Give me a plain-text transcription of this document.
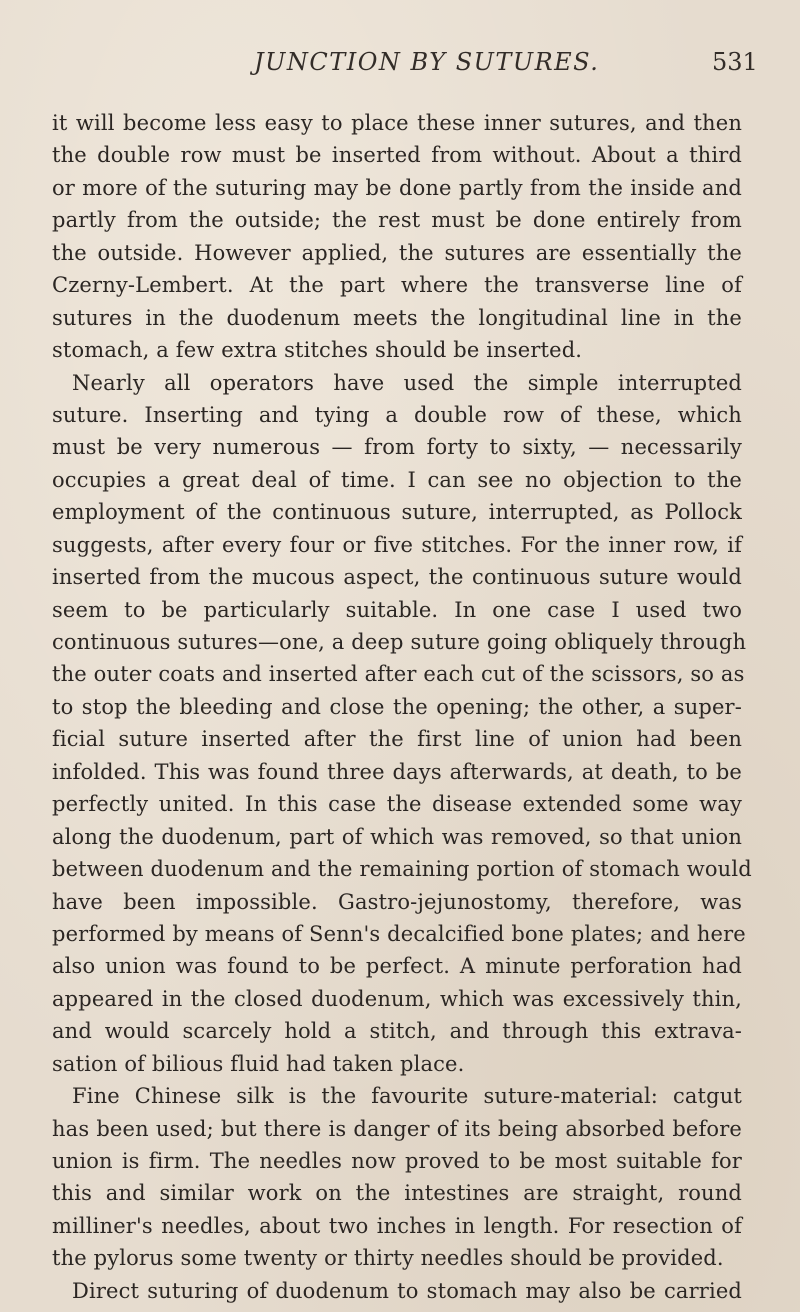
JUNCTION BY SUTURES.	531
it will become less easy to place these inner sutures, and then
the double row must be inserted from without. About a third
or more of the suturing may be done partly from the inside and
partly from the outside; the rest must be done entirely from
the outside. However applied, the sutures are essentially the
Czerny-Lembert. At the part where the transverse line of
sutures in the duodenum meets the longitudinal line in the
stomach, a few extra stitches should be inserted.
Nearly all operators have used the simple interrupted
suture. Inserting and tying a double row of these, which
must be very numerous — from forty to sixty, — necessarily
occupies a great deal of time. I can see no objection to the
employment of the continuous suture, interrupted, as Pollock
suggests, after every four or five stitches. For the inner row, if
inserted from the mucous aspect, the continuous suture would
seem to be particularly suitable. In one case I used two
continuous sutures—one, a deep suture going obliquely through
the outer coats and inserted after each cut of the scissors, so as
to stop the bleeding and close the opening; the other, a super-
ficial suture inserted after the first line of union had been
infolded. This was found three days afterwards, at death, to be
perfectly united. In this case the disease extended some way
along the duodenum, part of which was removed, so that union
between duodenum and the remaining portion of stomach would
have been impossible. Gastro-jejunostomy, therefore, was
performed by means of Senn's decalcified bone plates; and here
also union was found to be perfect. A minute perforation had
appeared in the closed duodenum, which was excessively thin,
and would scarcely hold a stitch, and through this extrava-
sation of bilious fluid had taken place.
Fine Chinese silk is the favourite suture-material: catgut
has been used; but there is danger of its being absorbed before
union is firm. The needles now proved to be most suitable for
this and similar work on the intestines are straight, round
milliner's needles, about two inches in length. For resection of
the pylorus some twenty or thirty needles should be provided.
Direct suturing of duodenum to stomach may also be carried
